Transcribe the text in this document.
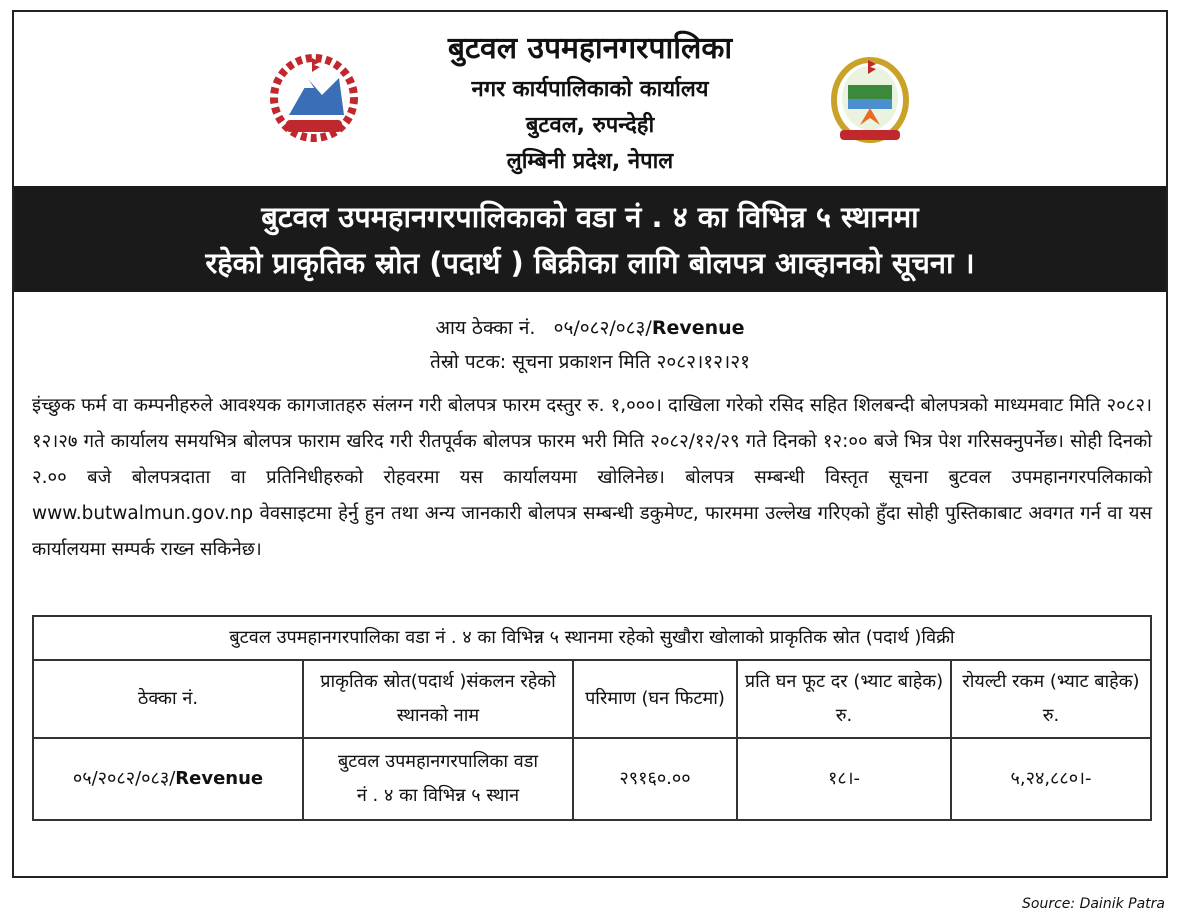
बुटवल उपमहानगरपालिका
नगर कार्यपालिकाको कार्यालय
बुटवल, रुपन्देही
लुम्बिनी प्रदेश, नेपाल
बुटवल उपमहानगरपालिकाको वडा नं . ४ का विभिन्न ५ स्थानमा
रहेको प्राकृतिक स्रोत (पदार्थ ) बिक्रीका लागि बोलपत्र आव्हानको सूचना ।
आय ठेक्का नं. ०५/०८२/०८३/Revenue
तेस्रो पटक: सूचना प्रकाशन मिति २०८२।१२।२१
इंच्छुक फर्म वा कम्पनीहरुले आवश्यक कागजातहरु संलग्न गरी बोलपत्र फारम दस्तुर रु. १,०००। दाखिला गरेको रसिद सहित शिलबन्दी बोलपत्रको माध्यमवाट मिति २०८२।१२।२७ गते कार्यालय समयभित्र बोलपत्र फाराम खरिद गरी रीतपूर्वक बोलपत्र फारम भरी मिति २०८२/१२/२९ गते दिनको १२:०० बजे भित्र पेश गरिसक्नुपर्नेछ। सोही दिनको २.०० बजे बोलपत्रदाता वा प्रतिनिधीहरुको रोहवरमा यस कार्यालयमा खोलिनेछ। बोलपत्र सम्बन्धी विस्तृत सूचना बुटवल उपमहानगरपलिकाको www.butwalmun.gov.np वेवसाइटमा हेर्नु हुन तथा अन्य जानकारी बोलपत्र सम्बन्धी डकुमेण्ट, फारममा उल्लेख गरिएको हुँदा सोही पुस्तिकाबाट अवगत गर्न वा यस कार्यालयमा सम्पर्क राख्न सकिनेछ।
बुटवल उपमहानगरपालिका वडा नं . ४ का विभिन्न ५ स्थानमा रहेको सुखौरा खोलाको प्राकृतिक स्रोत (पदार्थ )विक्री				
ठेक्का नं.	प्राकृतिक स्रोत(पदार्थ )संकलन रहेको स्थानको नाम	परिमाण (घन फिटमा)	प्रति घन फूट दर (भ्याट बाहेक) रु.	रोयल्टी रकम (भ्याट बाहेक) रु.
०५/२०८२/०८३/Revenue	बुटवल उपमहानगरपालिका वडा नं . ४ का विभिन्न ५ स्थान	२९१६०.००	१८।-	५,२४,८८०।-
Source: Dainik Patra
